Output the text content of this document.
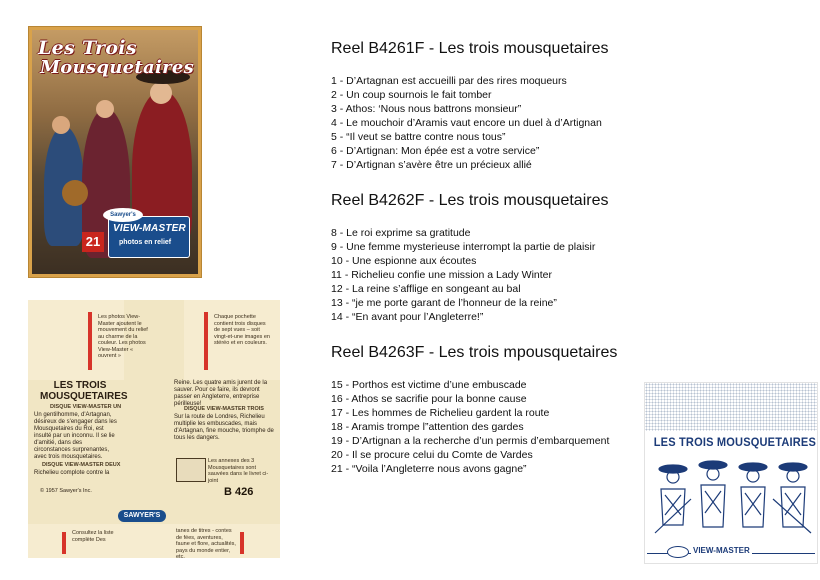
Les Trois
Mousquetaires
21
Sawyer's
VIEW-MASTER
photos en relief
Les photos View-Master ajoutent le mouvement du relief au charme de la couleur. Les photos View-Master « ouvrent »
Chaque pochette contient trois disques de sept vues – soit vingt-et-une images en stéréo et en couleurs.
LES TROIS MOUSQUETAIRES
DISQUE VIEW-MASTER UN
Un gentilhomme, d'Artagnan, désireux de s'engager dans les Mousquetaires du Roi, est insulté par un inconnu. Il se lie d'amitié, dans des circonstances surprenantes, avec trois mousquetaires.
DISQUE VIEW-MASTER DEUX
Richelieu complote contre la
Reine. Les quatre amis jurent de la sauver. Pour ce faire, ils devront passer en Angleterre, entreprise périlleuse!
DISQUE VIEW-MASTER TROIS
Sur la route de Londres, Richelieu multiplie les embuscades, mais d'Artagnan, fine mouche, triomphe de tous les dangers.
Les annexes des 3 Mousquetaires sont sauvées dans le livret ci-joint
© 1957 Sawyer's Inc.	B 426
SAWYER'S
Consultez la liste complète Des
tanes de titres - contes de fées, aventures, faune et flore, actualités, pays du monde entier, etc.
Reel B4261F - Les trois mousquetaires
1 - D’Artagnan est accueilli par des rires moqueurs
2 - Un coup sournois le fait tomber
3 - Athos: ‘Nous nous battrons monsieur”
4 - Le mouchoir d’Aramis vaut encore un duel à d’Artignan
5 - “Il veut se battre contre nous tous”
6 - D’Artignan: Mon épée est a votre service”
7 - D’Artignan s’avère être un précieux allié
Reel B4262F - Les trois mousquetaires
8 - Le roi exprime sa gratitude
9 - Une femme mysterieuse interrompt la partie de plaisir
10 - Une espionne aux écoutes
11 - Richelieu confie une mission a Lady Winter
12 - La reine s’afflige en songeant au bal
13 - “je me porte garant de l’honneur de la reine”
14 - “En avant pour l’Angleterre!”
Reel B4263F - Les trois mpousquetaires
15 - Porthos est victime d’une embuscade
16 - Athos se sacrifie pour la bonne cause
17 - Les hommes de Richelieu gardent la route
18 - Aramis trompe l”attention des gardes
19 - D’Artignan a la recherche d’un permis d’embarquement
20 - Il se procure celui du Comte de Vardes
21 - “Voila l’Angleterre nous avons gagne”
LES TROIS MOUSQUETAIRES
VIEW-MASTER
